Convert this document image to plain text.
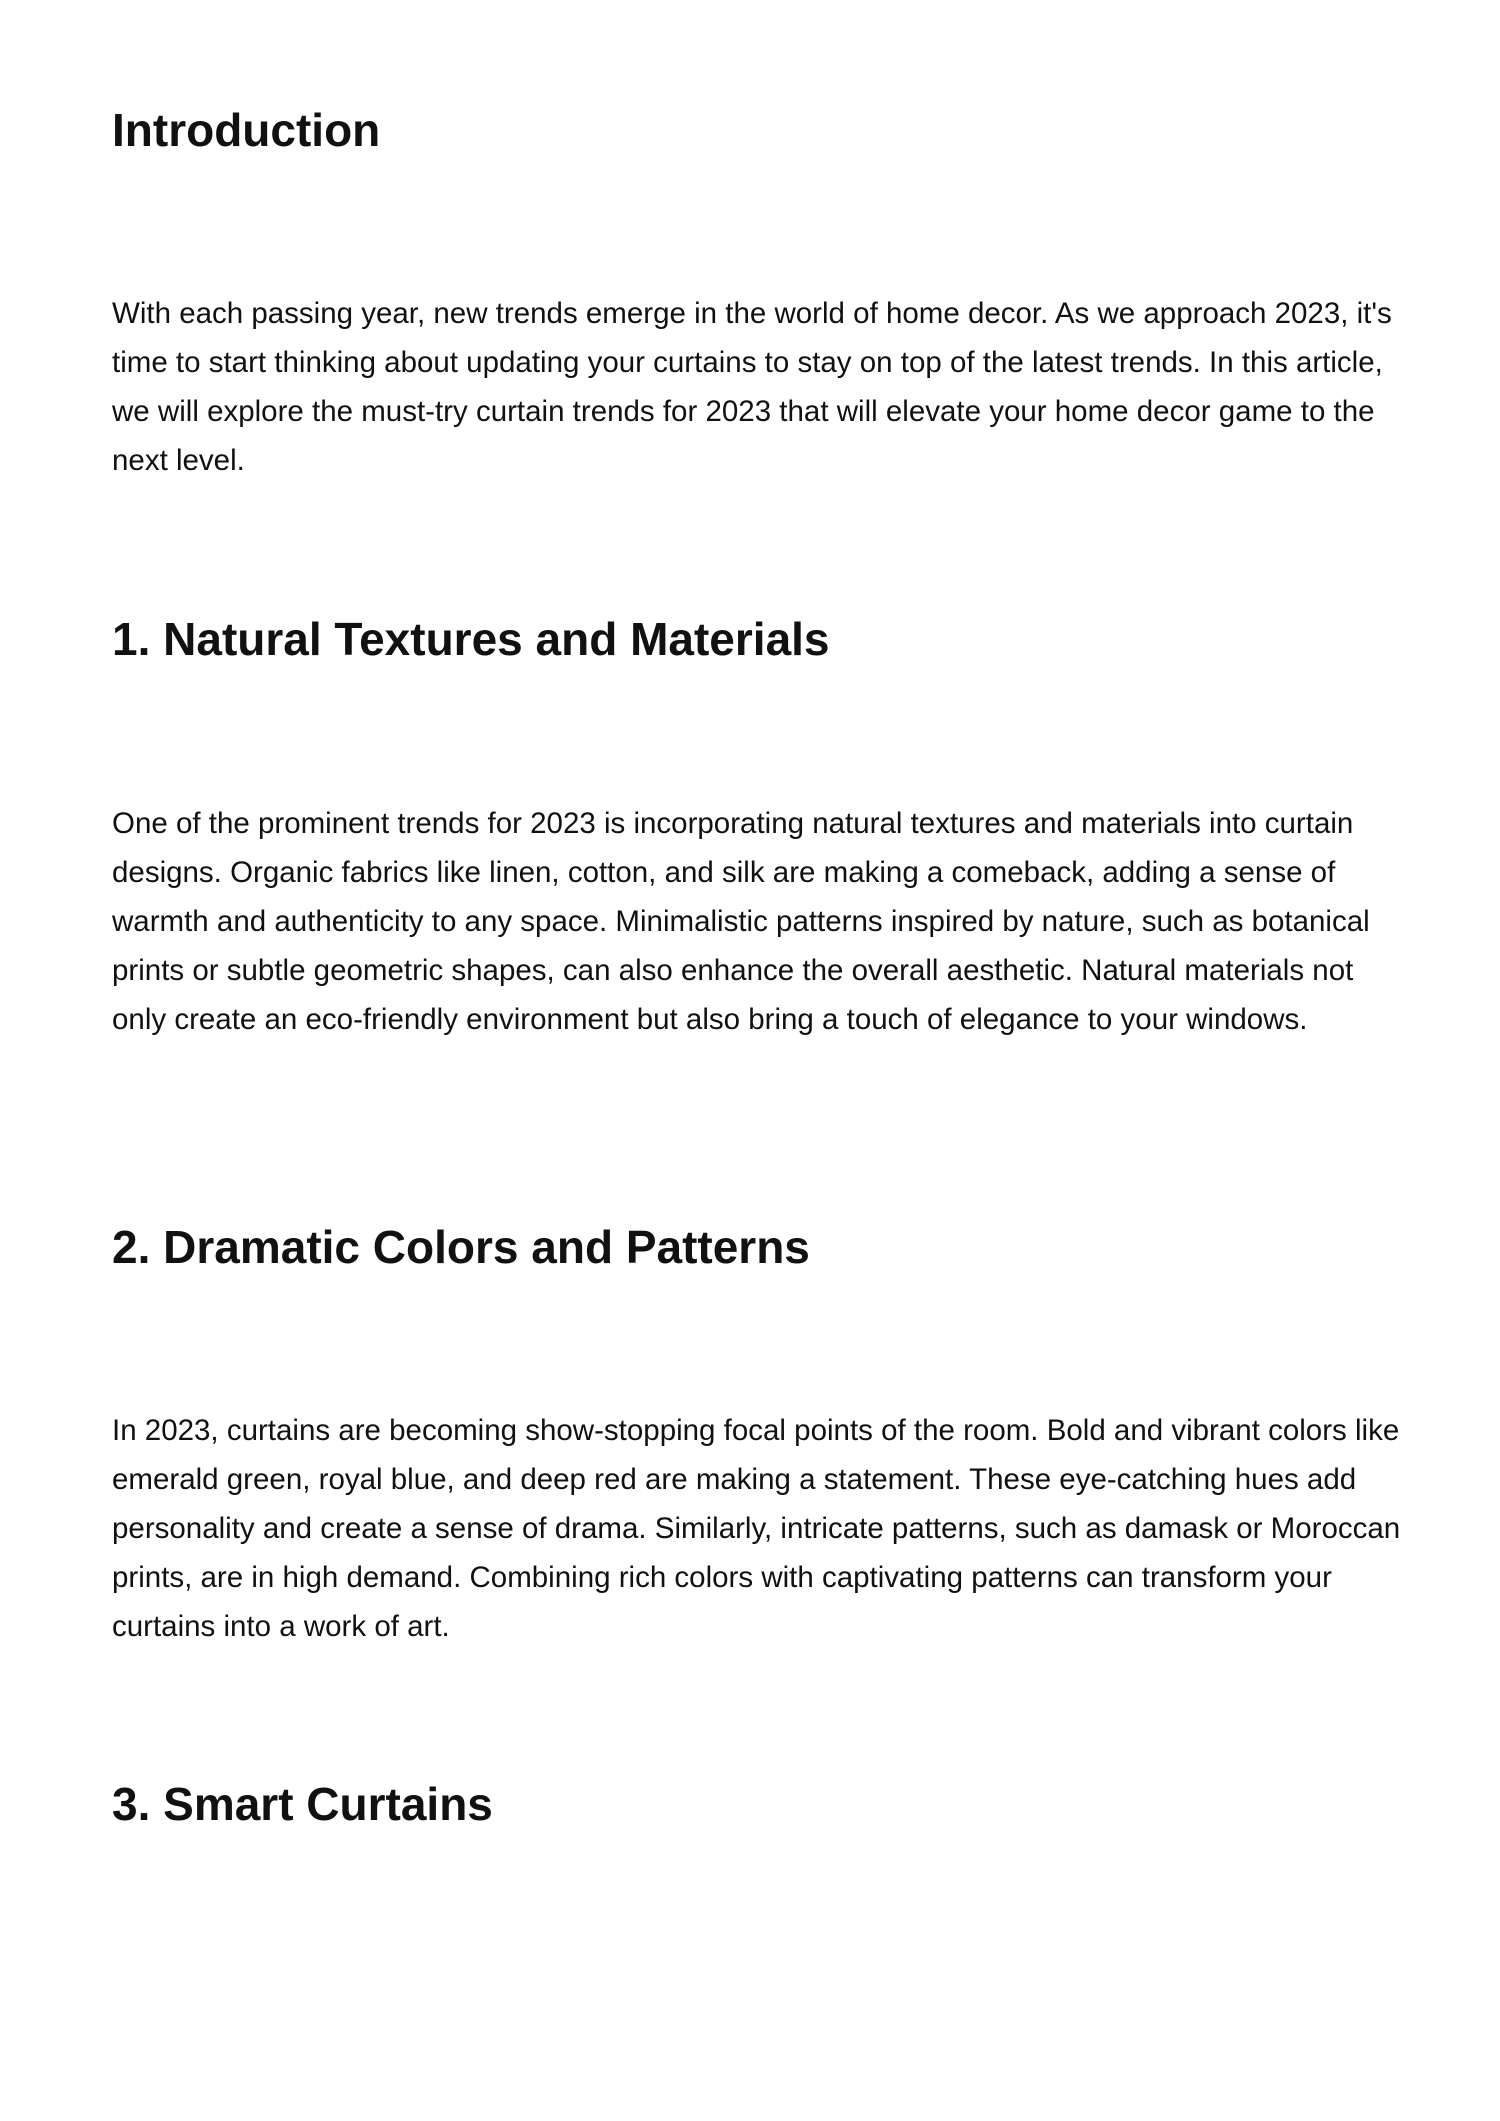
Introduction

With each passing year, new trends emerge in the world of home decor. As we approach 2023, it's time to start thinking about updating your curtains to stay on top of the latest trends. In this article, we will explore the must-try curtain trends for 2023 that will elevate your home decor game to the next level.

1. Natural Textures and Materials

One of the prominent trends for 2023 is incorporating natural textures and materials into curtain designs. Organic fabrics like linen, cotton, and silk are making a comeback, adding a sense of warmth and authenticity to any space. Minimalistic patterns inspired by nature, such as botanical prints or subtle geometric shapes, can also enhance the overall aesthetic. Natural materials not only create an eco-friendly environment but also bring a touch of elegance to your windows.

2. Dramatic Colors and Patterns

In 2023, curtains are becoming show-stopping focal points of the room. Bold and vibrant colors like emerald green, royal blue, and deep red are making a statement. These eye-catching hues add personality and create a sense of drama. Similarly, intricate patterns, such as damask or Moroccan prints, are in high demand. Combining rich colors with captivating patterns can transform your curtains into a work of art.

3. Smart Curtains
